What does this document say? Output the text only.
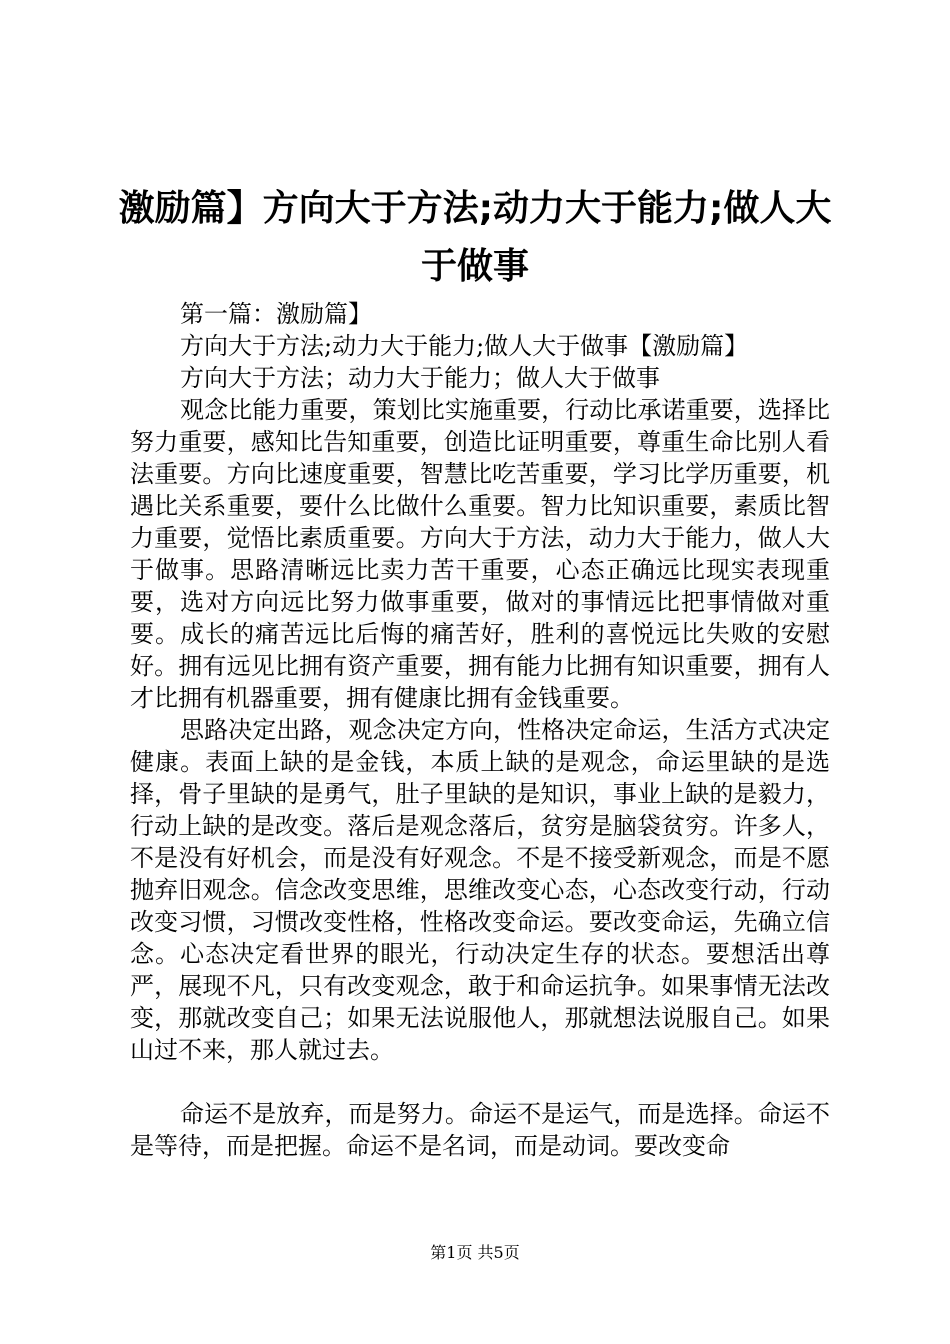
激励篇】方向大于方法;动力大于能力;做人大于做事

第一篇：激励篇】

方向大于方法;动力大于能力;做人大于做事【激励篇】

方向大于方法；动力大于能力；做人大于做事

观念比能力重要，策划比实施重要，行动比承诺重要，选择比努力重要，感知比告知重要，创造比证明重要，尊重生命比别人看法重要。方向比速度重要，智慧比吃苦重要，学习比学历重要，机遇比关系重要，要什么比做什么重要。智力比知识重要，素质比智力重要，觉悟比素质重要。方向大于方法，动力大于能力，做人大于做事。思路清晰远比卖力苦干重要，心态正确远比现实表现重要，选对方向远比努力做事重要，做对的事情远比把事情做对重要。成长的痛苦远比后悔的痛苦好，胜利的喜悦远比失败的安慰好。拥有远见比拥有资产重要，拥有能力比拥有知识重要，拥有人才比拥有机器重要，拥有健康比拥有金钱重要。

思路决定出路，观念决定方向，性格决定命运，生活方式决定健康。表面上缺的是金钱，本质上缺的是观念，命运里缺的是选择，骨子里缺的是勇气，肚子里缺的是知识，事业上缺的是毅力，行动上缺的是改变。落后是观念落后，贫穷是脑袋贫穷。许多人，不是没有好机会，而是没有好观念。不是不接受新观念，而是不愿抛弃旧观念。信念改变思维，思维改变心态，心态改变行动，行动改变习惯，习惯改变性格，性格改变命运。要改变命运，先确立信念。心态决定看世界的眼光，行动决定生存的状态。要想活出尊严，展现不凡，只有改变观念，敢于和命运抗争。如果事情无法改变，那就改变自己；如果无法说服他人，那就想法说服自己。如果山过不来，那人就过去。

命运不是放弃，而是努力。命运不是运气，而是选择。命运不是等待，而是把握。命运不是名词，而是动词。要改变命

第1页 共5页
